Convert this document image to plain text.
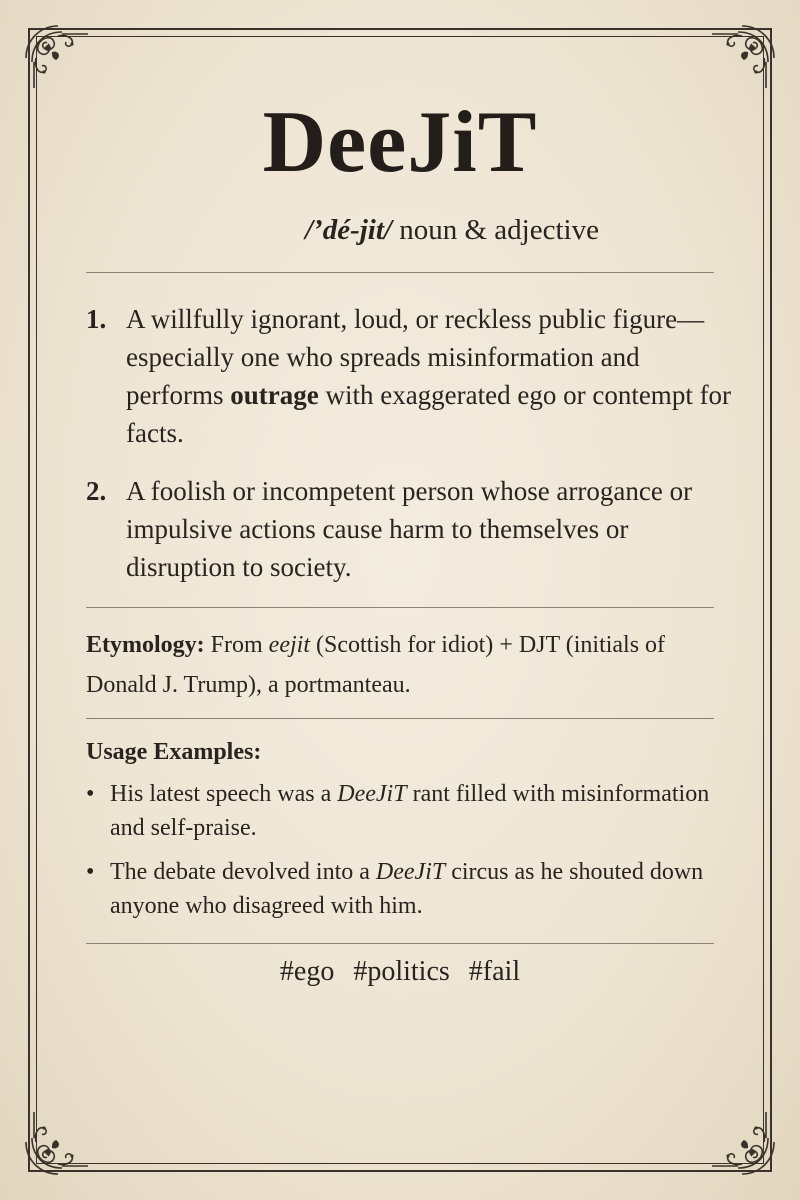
DeeJiT
/’dé-jit/ noun & adjective
1. A willfully ignorant, loud, or reckless public figure—especially one who spreads misinformation and performs outrage with exaggerated ego or contempt for facts.
2. A foolish or incompetent person whose arrogance or impulsive actions cause harm to themselves or disruption to society.
Etymology: From eejit (Scottish for idiot) + DJT (initials of Donald J. Trump), a portmanteau.
Usage Examples:
• His latest speech was a DeeJiT rant filled with misinformation and self-praise.
• The debate devolved into a DeeJiT circus as he shouted down anyone who disagreed with him.
#ego #politics #fail
